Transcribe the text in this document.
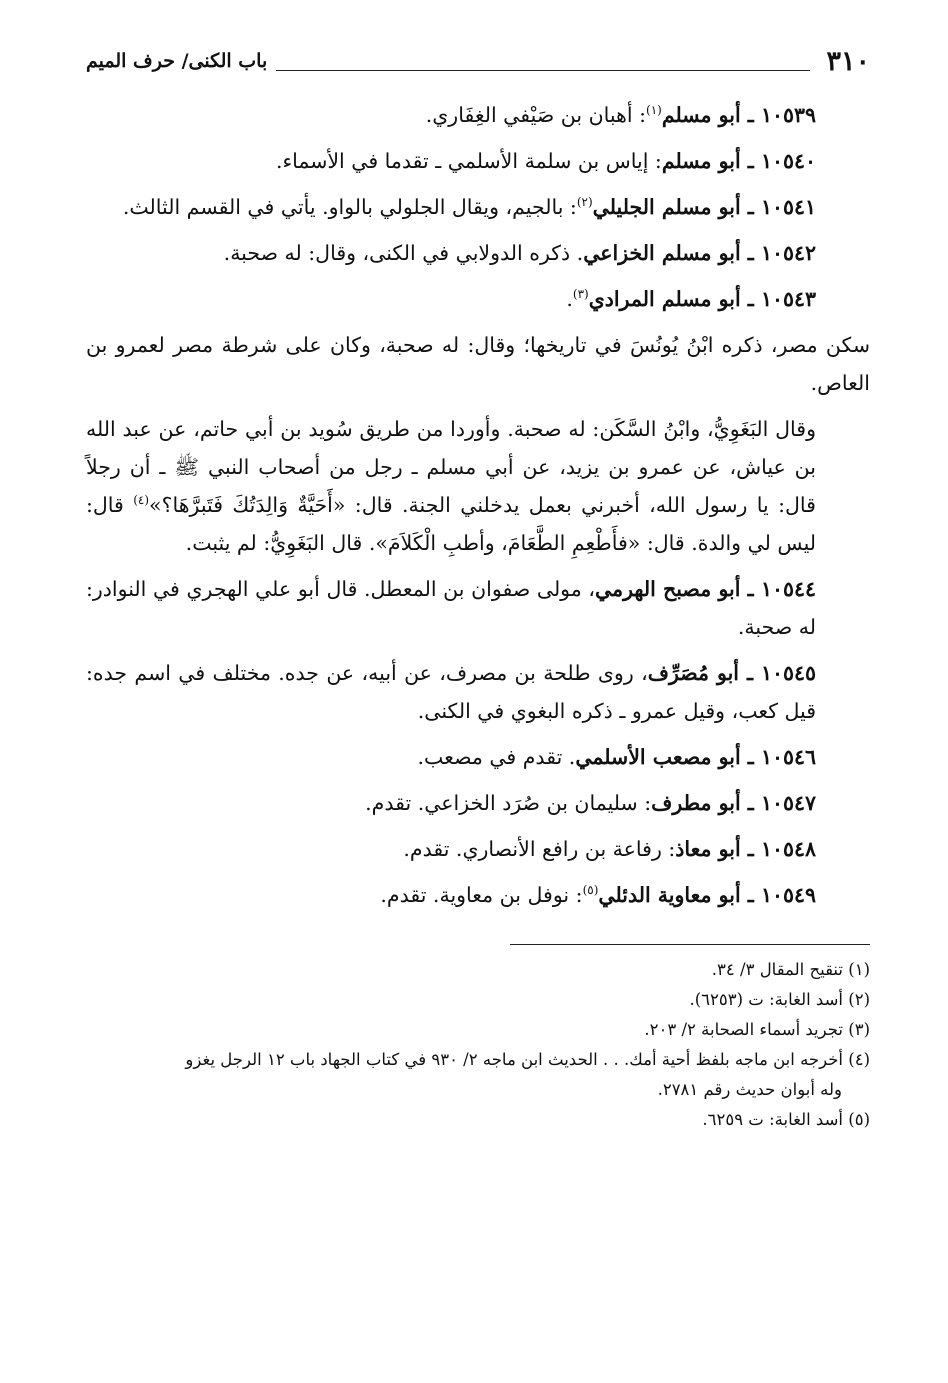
٣١٠
باب الكنى/ حرف الميم

١٠٥٣٩ ـ أبو مسلم$^{(١)}$: أهبان بن صَيْفي الغِفَاري.

١٠٥٤٠ ـ أبو مسلم: إياس بن سلمة الأسلمي ـ تقدما في الأسماء.

١٠٥٤١ ـ أبو مسلم الجليلي$^{(٢)}$: بالجيم، ويقال الجلولي بالواو. يأتي في القسم الثالث.

١٠٥٤٢ ـ أبو مسلم الخزاعي. ذكره الدولابي في الكنى، وقال: له صحبة.

١٠٥٤٣ ـ أبو مسلم المرادي$^{(٣)}$.

سكن مصر، ذكره ابْنُ يُونُسَ في تاريخها؛ وقال: له صحبة، وكان على شرطة مصر لعمرو بن العاص.

وقال البَغَوِيُّ، وابْنُ السَّكَن: له صحبة. وأوردا من طريق سُويد بن أبي حاتم، عن عبد الله بن عياش، عن عمرو بن يزيد، عن أبي مسلم ـ رجل من أصحاب النبي ﷺ ـ أن رجلاً قال: يا رسول الله، أخبرني بعمل يدخلني الجنة. قال: «أَحَيَّةٌ وَالِدَتُكَ فَتَبرَّهَا؟»$^{(٤)}$ قال: ليس لي والدة. قال: «فأَطْعِمِ الطَّعَامَ، وأطبِ الْكَلاَمَ». قال البَغَوِيُّ: لم يثبت.

١٠٥٤٤ ـ أبو مصبح الهرمي، مولى صفوان بن المعطل. قال أبو علي الهجري في النوادر: له صحبة.

١٠٥٤٥ ـ أبو مُصَرِّف، روى طلحة بن مصرف، عن أبيه، عن جده. مختلف في اسم جده: قيل كعب، وقيل عمرو ـ ذكره البغوي في الكنى.

١٠٥٤٦ ـ أبو مصعب الأسلمي. تقدم في مصعب.

١٠٥٤٧ ـ أبو مطرف: سليمان بن صُرَد الخزاعي. تقدم.

١٠٥٤٨ ـ أبو معاذ: رفاعة بن رافع الأنصاري. تقدم.

١٠٥٤٩ ـ أبو معاوية الدئلي$^{(٥)}$: نوفل بن معاوية. تقدم.

(١) تنقيح المقال ٣/ ٣٤.

(٢) أسد الغابة: ت (٦٢٥٣).

(٣) تجريد أسماء الصحابة ٢/ ٢٠٣.

(٤) أخرجه ابن ماجه بلفظ أحية أمك. . . الحديث ابن ماجه ٢/ ٩٣٠ في كتاب الجهاد باب ١٢ الرجل يغزو

وله أبوان حديث رقم ٢٧٨١.

(٥) أسد الغابة: ت ٦٢٥٩.
